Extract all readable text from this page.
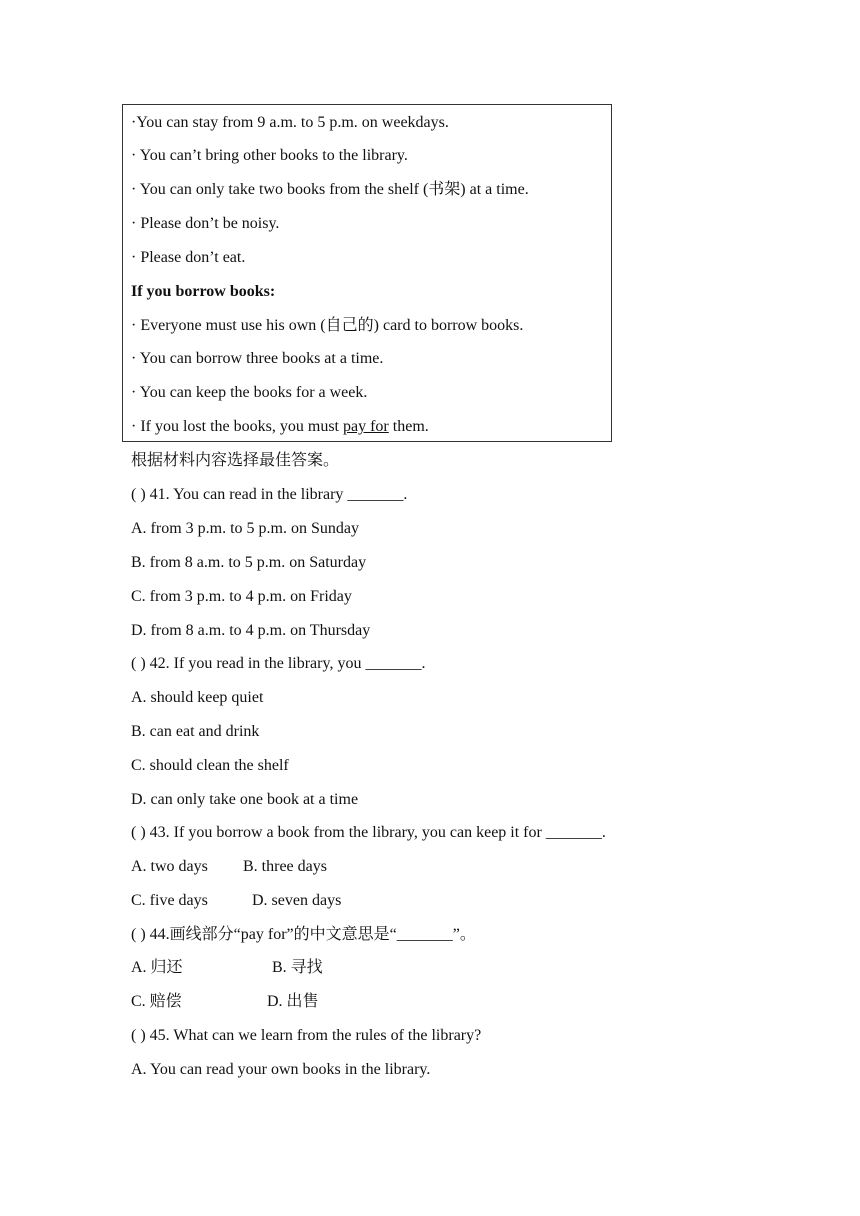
·You can stay from 9 a.m. to 5 p.m. on weekdays.
· You can’t bring other books to the library.
· You can only take two books from the shelf (书架) at a time.
· Please don’t be noisy.
· Please don’t eat.
If you borrow books:
· Everyone must use his own (自己的) card to borrow books.
· You can borrow three books at a time.
· You can keep the books for a week.
· If you lost the books, you must pay for them.
根据材料内容选择最佳答案。
( ) 41. You can read in the library _______.
A. from 3 p.m. to 5 p.m. on Sunday
B. from 8 a.m. to 5 p.m. on Saturday
C. from 3 p.m. to 4 p.m. on Friday
D. from 8 a.m. to 4 p.m. on Thursday
( ) 42. If you read in the library, you _______.
A. should keep quiet
B. can eat and drink
C. should clean the shelf
D. can only take one book at a time
( ) 43. If you borrow a book from the library, you can keep it for _______.
A. two days B. three days
C. five days	D. seven days
( ) 44.画线部分“pay for”的中文意思是“_______”。
A. 归还	B. 寻找
C. 赔偿	D. 出售
( ) 45. What can we learn from the rules of the library?
A. You can read your own books in the library.
